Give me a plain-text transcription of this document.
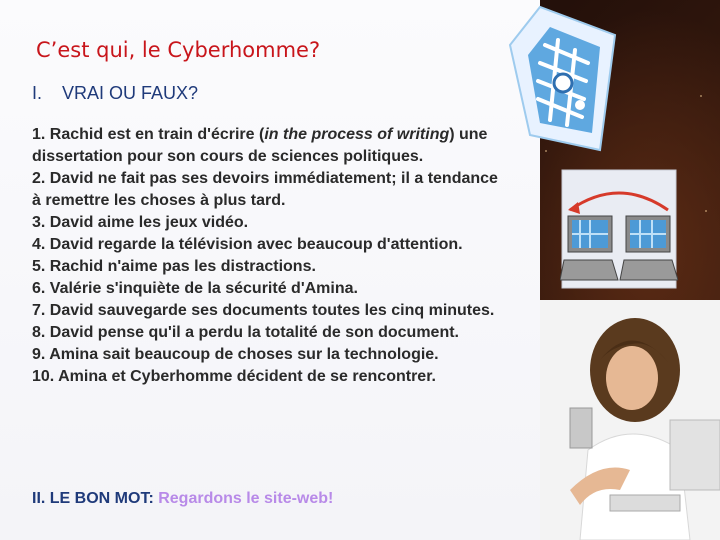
C’est qui, le Cyberhomme?
I. VRAI OU FAUX?

1. Rachid est en train d'écrire (in the process of writing) une dissertation pour son cours de sciences politiques.

2. David ne fait pas ses devoirs immédiatement; il a tendance à remettre les choses à plus tard.

3. David aime les jeux vidéo.

4. David regarde la télévision avec beaucoup d'attention.

5. Rachid n'aime pas les distractions.

6. Valérie s'inquiète de la sécurité d'Amina.

7. David sauvegarde ses documents toutes les cinq minutes.

8. David pense qu'il a perdu la totalité de son document.

9. Amina sait beaucoup de choses sur la technologie.

10. Amina et Cyberhomme décident de se rencontrer.

II. LE BON MOT: Regardons le site-web!
